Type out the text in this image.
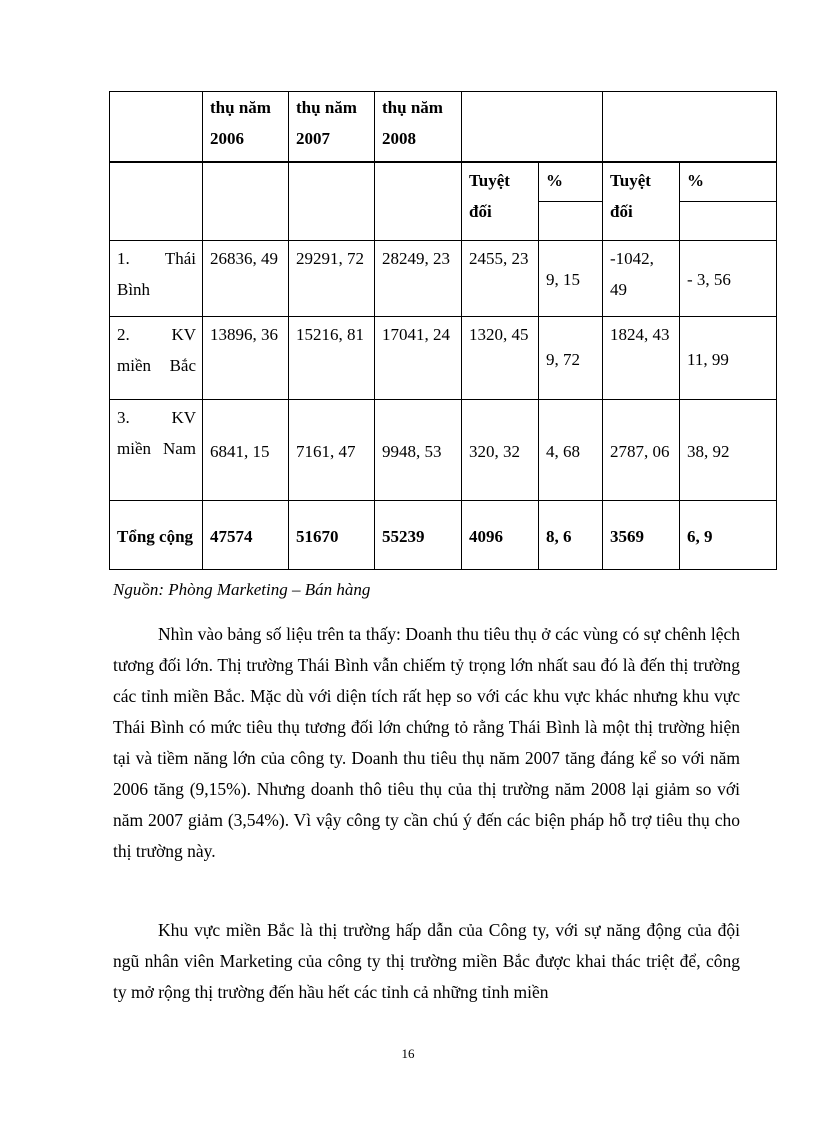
	thụ năm 2006	thụ năm 2007	thụ năm 2008				
				Tuyệt đối	%	Tuyệt đối	%

1. Thái Bình	26836, 49	29291, 72	28249, 23	2455, 23	9, 15	-1042, 49	- 3, 56
2. KV miền Bắc	13896, 36	15216, 81	17041, 24	1320, 45	9, 72	1824, 43	11, 99
3. KV miền Nam	6841, 15	7161, 47	9948, 53	320, 32	4, 68	2787, 06	38, 92
Tổng cộng	47574	51670	55239	4096	8, 6	3569	6, 9
Nguồn: Phòng Marketing – Bán hàng

Nhìn vào bảng số liệu trên ta thấy: Doanh thu tiêu thụ ở các vùng có sự chênh lệch tương đối lớn. Thị trường Thái Bình vẫn chiếm tỷ trọng lớn nhất sau đó là đến thị trường các tỉnh miền Bắc. Mặc dù với diện tích rất hẹp so với các khu vực khác nhưng khu vực Thái Bình có mức tiêu thụ tương đối lớn chứng tỏ rằng Thái Bình là một thị trường hiện tại và tiềm năng lớn của công ty. Doanh thu tiêu thụ năm 2007 tăng đáng kể so với năm 2006 tăng (9,15%). Nhưng doanh thô tiêu thụ của thị trường năm 2008 lại giảm so với năm 2007 giảm (3,54%). Vì vậy công ty cần chú ý đến các biện pháp hỗ trợ tiêu thụ cho thị trường này.

Khu vực miền Bắc là thị trường hấp dẫn của Công ty, với sự năng động của đội ngũ nhân viên Marketing của công ty thị trường miền Bắc được khai thác triệt để, công ty mở rộng thị trường đến hầu hết các tỉnh cả những tỉnh miền

16
